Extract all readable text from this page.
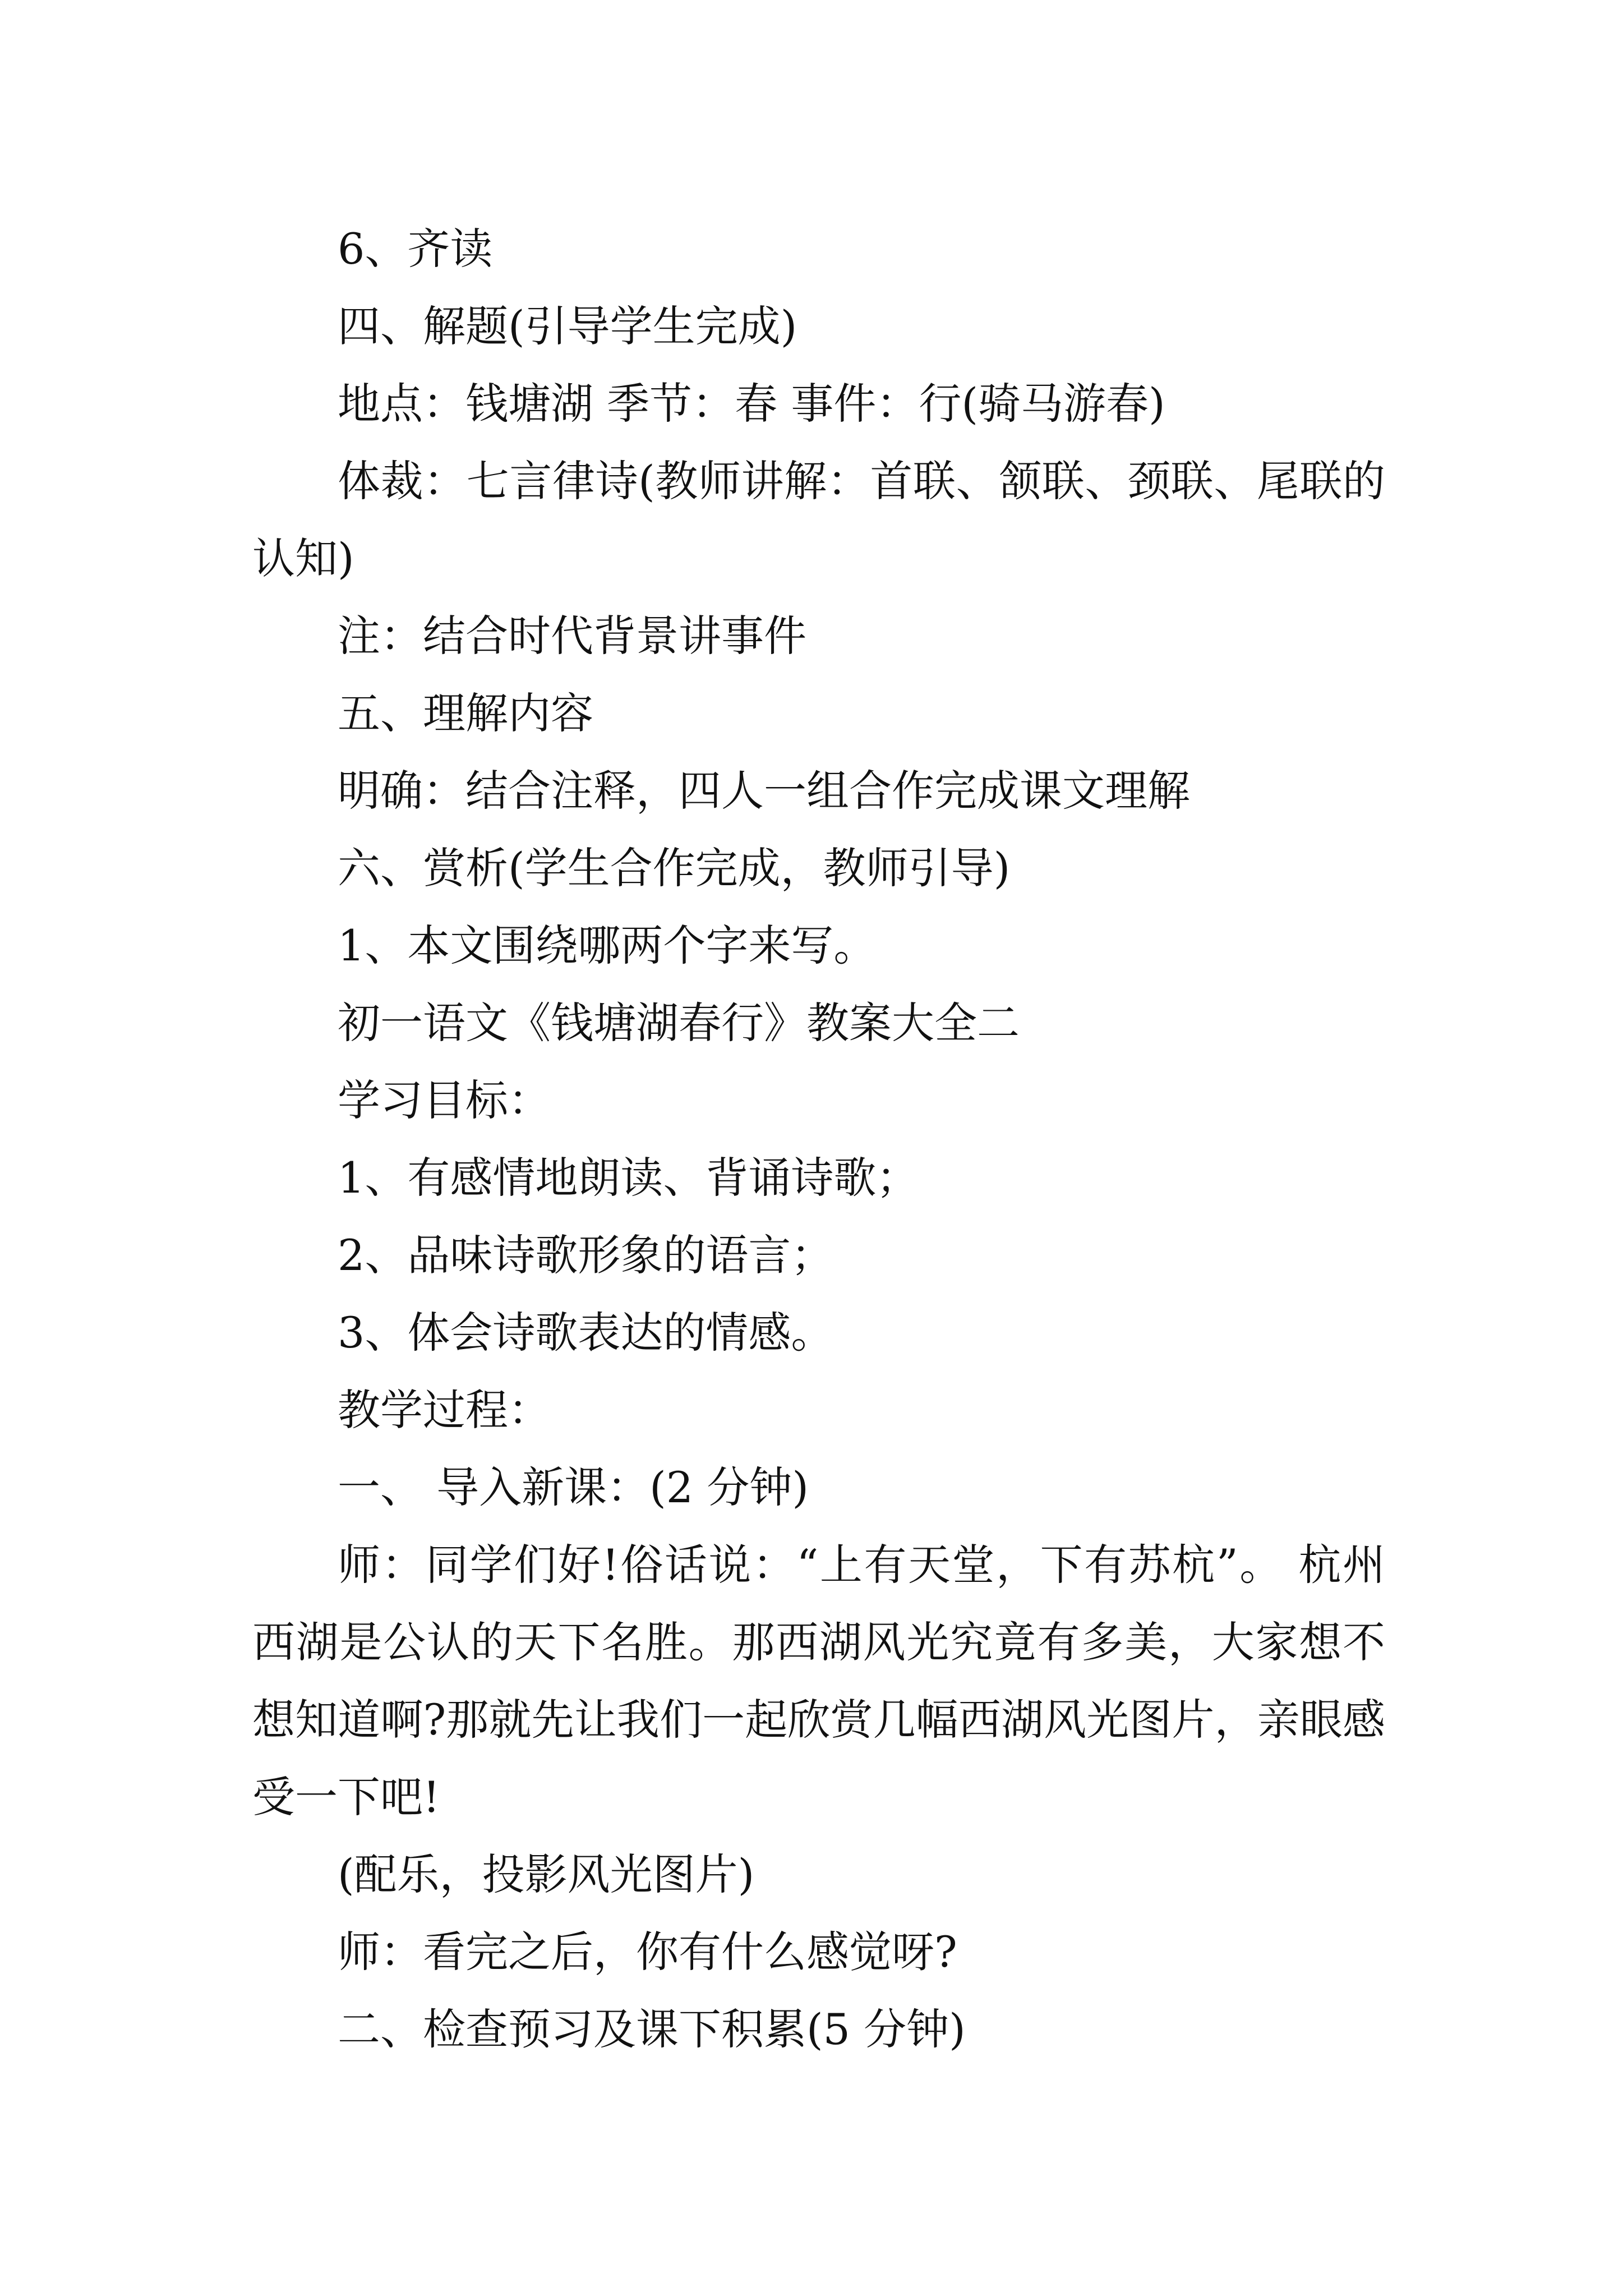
6、齐读

四、解题(引导学生完成)

地点：钱塘湖 季节：春 事件：行(骑马游春)

体裁：七言律诗(教师讲解：首联、颔联、颈联、尾联的认知)

注：结合时代背景讲事件

五、理解内容

明确：结合注释，四人一组合作完成课文理解

六、赏析(学生合作完成，教师引导)

1、本文围绕哪两个字来写。

初一语文《钱塘湖春行》教案大全二

学习目标：

1、有感情地朗读、背诵诗歌；

2、品味诗歌形象的语言；

3、体会诗歌表达的情感。

教学过程：

一、 导入新课：(2 分钟)

师：同学们好!俗话说：“上有天堂，下有苏杭”。 杭州西湖是公认的天下名胜。那西湖风光究竟有多美，大家想不想知道啊?那就先让我们一起欣赏几幅西湖风光图片，亲眼感受一下吧!

(配乐，投影风光图片)

师：看完之后，你有什么感觉呀?

二、检查预习及课下积累(5 分钟)
